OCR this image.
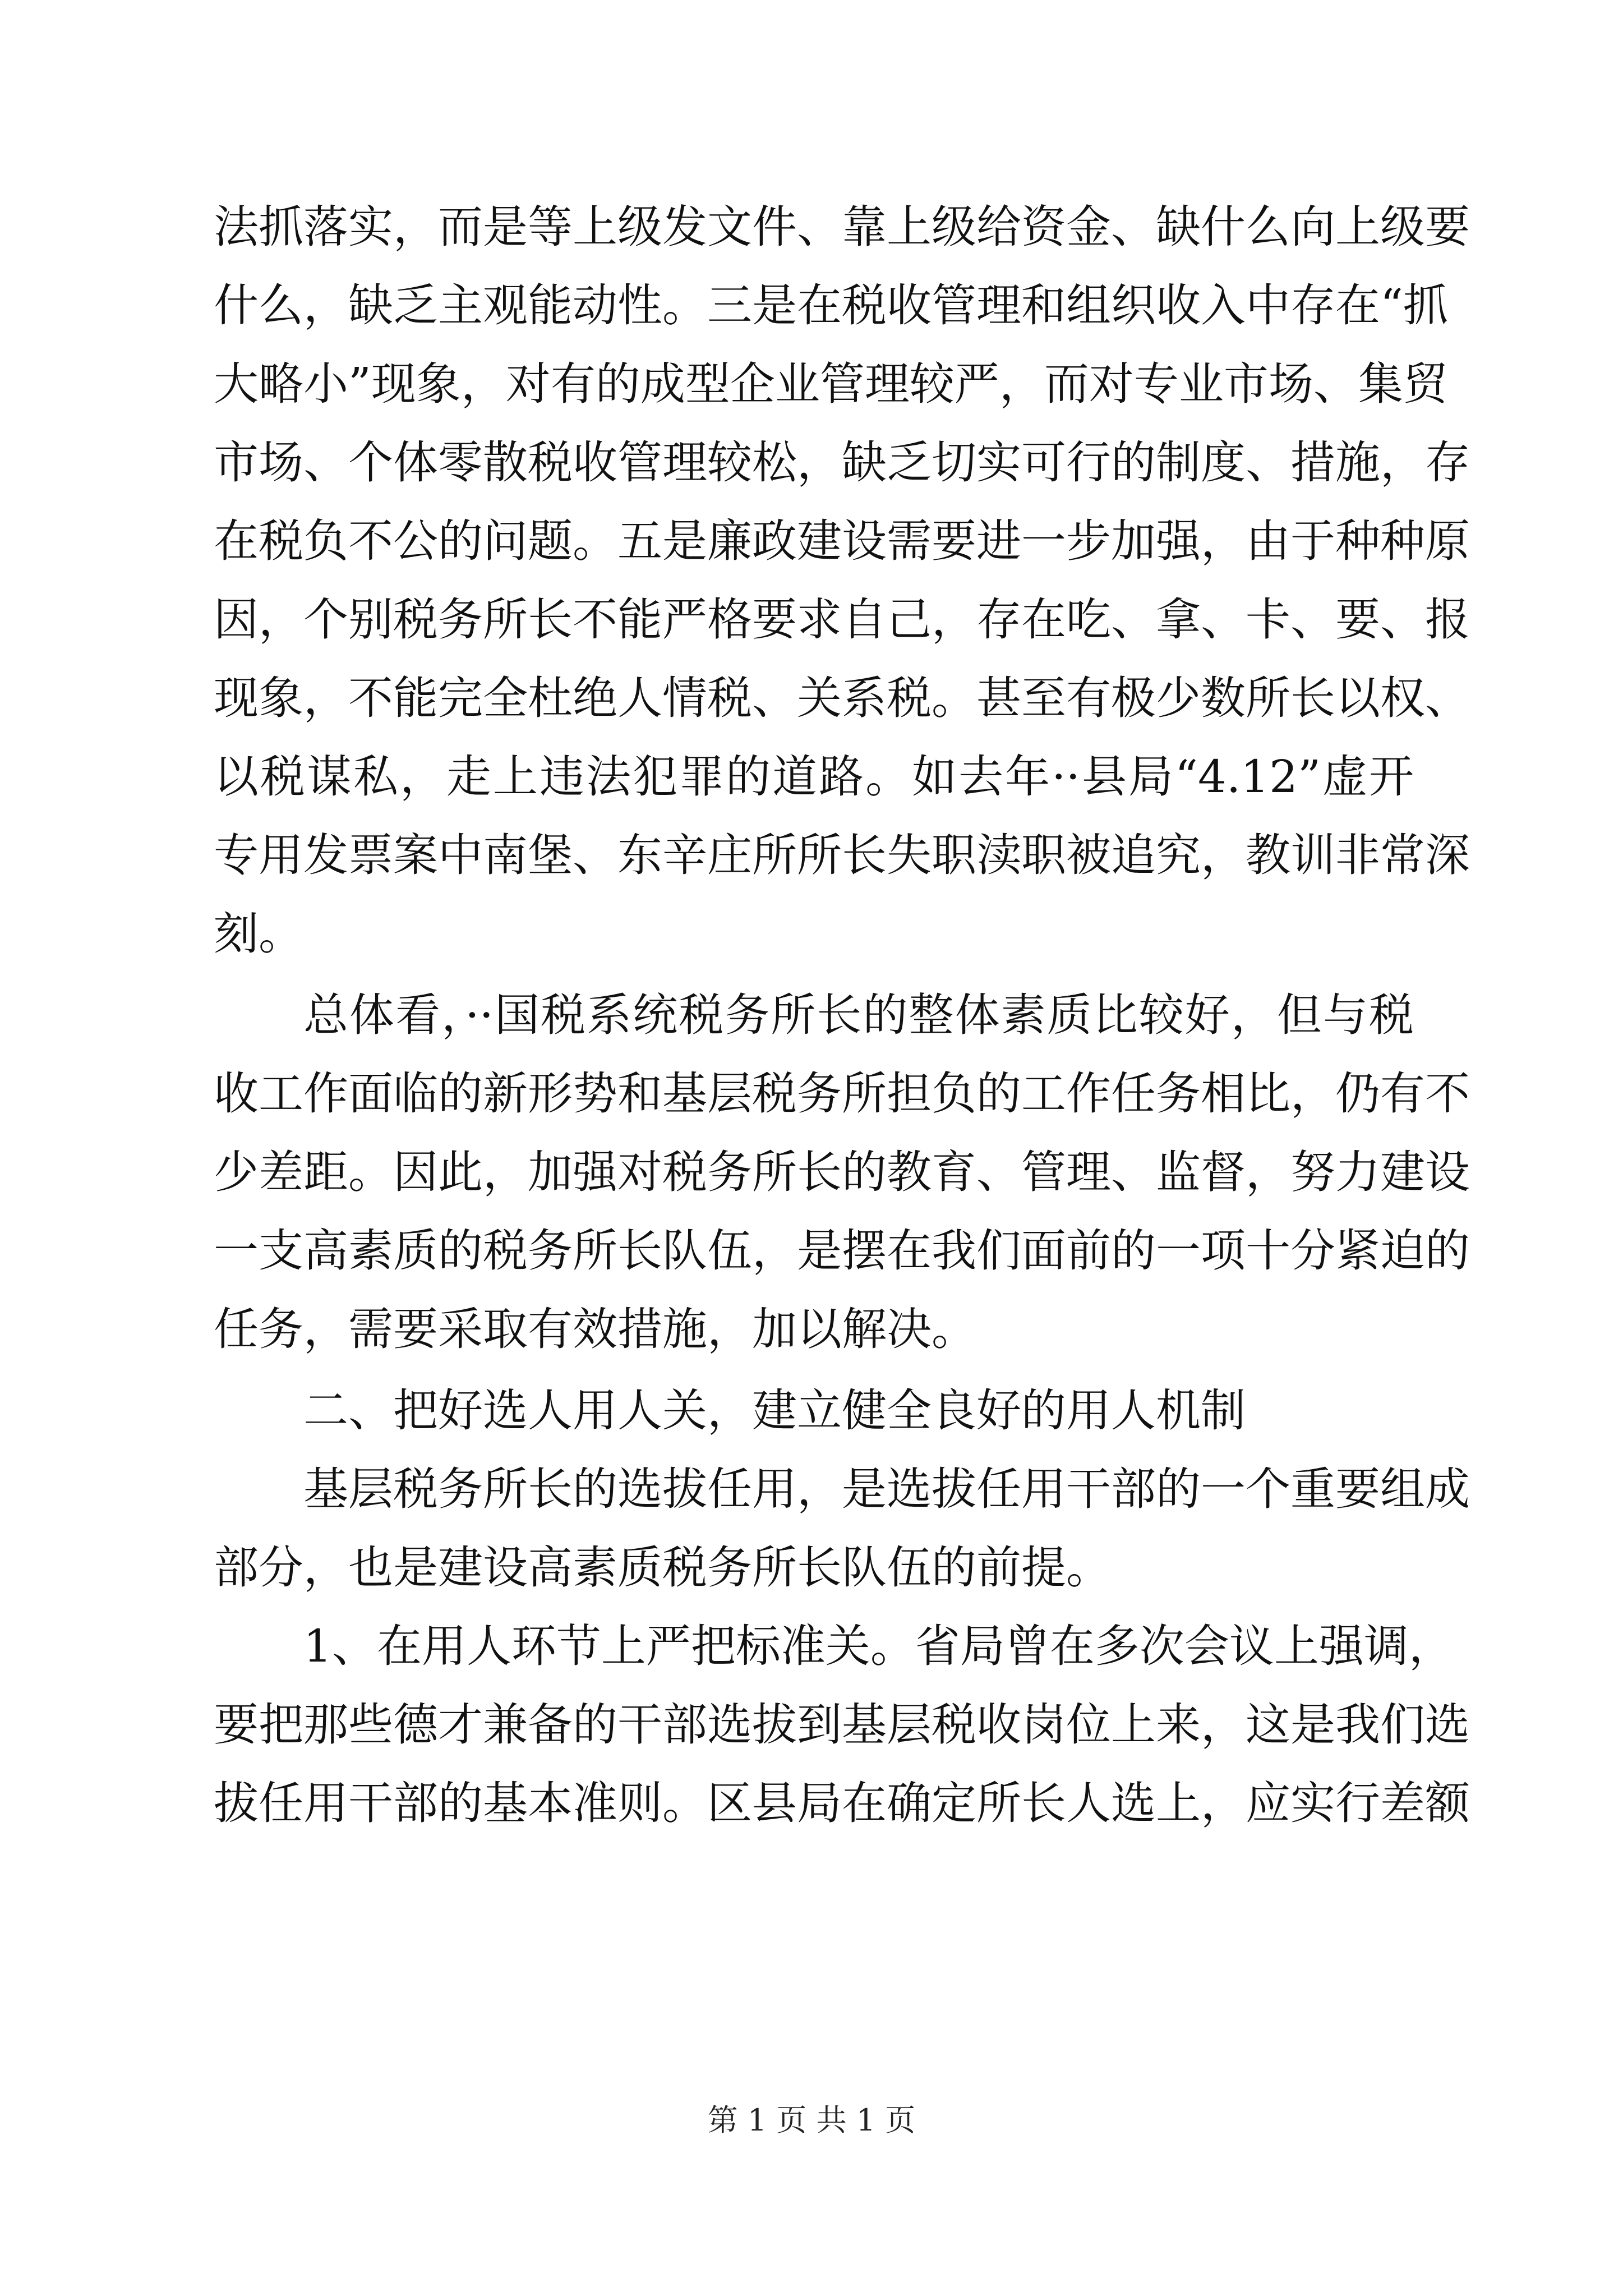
法抓落实，而是等上级发文件、靠上级给资金、缺什么向上级要
什么，缺乏主观能动性。三是在税收管理和组织收入中存在“抓
大略小”现象，对有的成型企业管理较严，而对专业市场、集贸
市场、个体零散税收管理较松，缺乏切实可行的制度、措施，存
在税负不公的问题。五是廉政建设需要进一步加强，由于种种原
因，个别税务所长不能严格要求自己，存在吃、拿、卡、要、报
现象，不能完全杜绝人情税、关系税。甚至有极少数所长以权、
以税谋私，走上违法犯罪的道路。如去年··县局“4.12”虚开
专用发票案中南堡、东辛庄所所长失职渎职被追究，教训非常深
刻。
总体看，··国税系统税务所长的整体素质比较好，但与税
收工作面临的新形势和基层税务所担负的工作任务相比，仍有不
少差距。因此，加强对税务所长的教育、管理、监督，努力建设
一支高素质的税务所长队伍，是摆在我们面前的一项十分紧迫的
任务，需要采取有效措施，加以解决。
二、把好选人用人关，建立健全良好的用人机制
基层税务所长的选拔任用，是选拔任用干部的一个重要组成
部分，也是建设高素质税务所长队伍的前提。
1、在用人环节上严把标准关。省局曾在多次会议上强调，
要把那些德才兼备的干部选拔到基层税收岗位上来，这是我们选
拔任用干部的基本准则。区县局在确定所长人选上，应实行差额
第 1 页 共 1 页
